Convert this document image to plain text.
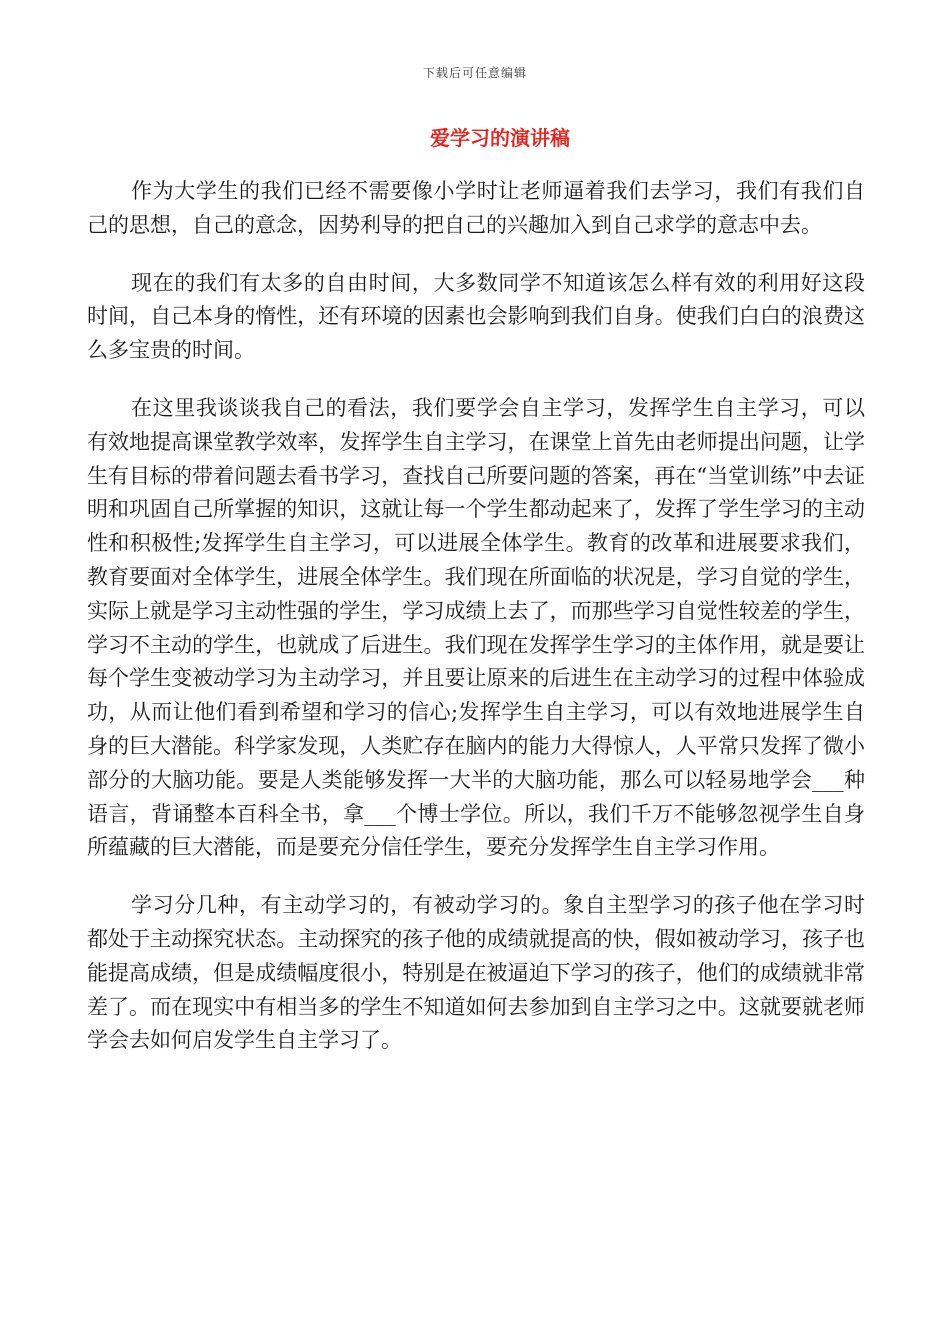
下载后可任意编辑
爱学习的演讲稿

作为大学生的我们已经不需要像小学时让老师逼着我们去学习，我们有我们自己的思想，自己的意念，因势利导的把自己的兴趣加入到自己求学的意志中去。

现在的我们有太多的自由时间，大多数同学不知道该怎么样有效的利用好这段时间，自己本身的惰性，还有环境的因素也会影响到我们自身。使我们白白的浪费这么多宝贵的时间。

在这里我谈谈我自己的看法，我们要学会自主学习，发挥学生自主学习，可以有效地提高课堂教学效率，发挥学生自主学习，在课堂上首先由老师提出问题，让学生有目标的带着问题去看书学习，查找自己所要问题的答案，再在“当堂训练”中去证明和巩固自己所掌握的知识，这就让每一个学生都动起来了，发挥了学生学习的主动性和积极性;发挥学生自主学习，可以进展全体学生。教育的改革和进展要求我们，教育要面对全体学生，进展全体学生。我们现在所面临的状况是，学习自觉的学生，实际上就是学习主动性强的学生，学习成绩上去了，而那些学习自觉性较差的学生，学习不主动的学生，也就成了后进生。我们现在发挥学生学习的主体作用，就是要让每个学生变被动学习为主动学习，并且要让原来的后进生在主动学习的过程中体验成功，从而让他们看到希望和学习的信心;发挥学生自主学习，可以有效地进展学生自身的巨大潜能。科学家发现，人类贮存在脑内的能力大得惊人，人平常只发挥了微小部分的大脑功能。要是人类能够发挥一大半的大脑功能，那么可以轻易地学会___种语言，背诵整本百科全书，拿___个博士学位。所以，我们千万不能够忽视学生自身所蕴藏的巨大潜能，而是要充分信任学生，要充分发挥学生自主学习作用。

学习分几种，有主动学习的，有被动学习的。象自主型学习的孩子他在学习时都处于主动探究状态。主动探究的孩子他的成绩就提高的快，假如被动学习，孩子也能提高成绩，但是成绩幅度很小，特别是在被逼迫下学习的孩子，他们的成绩就非常差了。而在现实中有相当多的学生不知道如何去参加到自主学习之中。这就要就老师学会去如何启发学生自主学习了。
